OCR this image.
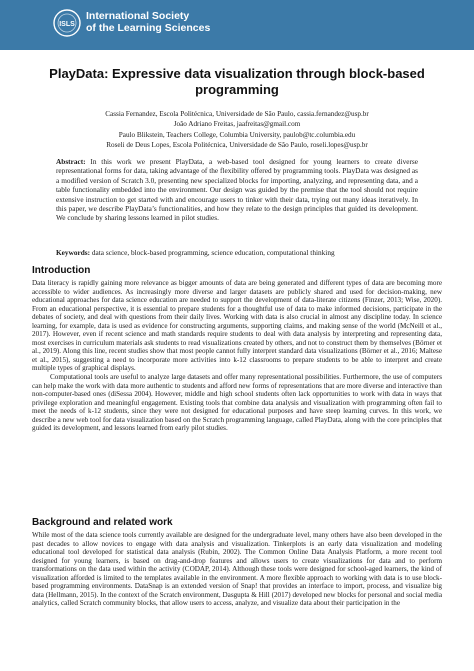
ISLS
International Society
of the Learning Sciences
PlayData: Expressive data visualization through block-based
programming
Cassia Fernandez, Escola Politécnica, Universidade de São Paulo, cassia.fernandez@usp.br
João Adriano Freitas, jaafreitas@gmail.com
Paulo Blikstein, Teachers College, Columbia University, paulob@tc.columbia.edu
Roseli de Deus Lopes, Escola Politécnica, Universidade de São Paulo, roseli.lopes@usp.br
Abstract: In this work we present PlayData, a web-based tool designed for young learners to create diverse representational forms for data, taking advantage of the flexibility offered by programming tools. PlayData was designed as a modified version of Scratch 3.0, presenting new specialized blocks for importing, analyzing, and representing data, and a table functionality embedded into the environment. Our design was guided by the premise that the tool should not require extensive instruction to get started with and encourage users to tinker with their data, trying out many ideas iteratively. In this paper, we describe PlayData’s functionalities, and how they relate to the design principles that guided its development. We conclude by sharing lessons learned in pilot studies.
Keywords: data science, block-based programming, science education, computational thinking
Introduction

Data literacy is rapidly gaining more relevance as bigger amounts of data are being generated and different types of data are becoming more accessible to wider audiences. As increasingly more diverse and larger datasets are publicly shared and used for decision-making, new educational approaches for data science education are needed to support the development of data-literate citizens (Finzer, 2013; Wise, 2020). From an educational perspective, it is essential to prepare students for a thoughtful use of data to make informed decisions, participate in the debates of society, and deal with questions from their daily lives. Working with data is also crucial in almost any discipline today. In science learning, for example, data is used as evidence for constructing arguments, supporting claims, and making sense of the world (McNeill et al., 2017). However, even if recent science and math standards require students to deal with data analysis by interpreting and representing data, most exercises in curriculum materials ask students to read visualizations created by others, and not to construct them by themselves (Börner et al., 2019). Along this line, recent studies show that most people cannot fully interpret standard data visualizations (Börner et al., 2016; Maltese et al., 2015), suggesting a need to incorporate more activities into k-12 classrooms to prepare students to be able to interpret and create multiple types of graphical displays.

Computational tools are useful to analyze large datasets and offer many representational possibilities. Furthermore, the use of computers can help make the work with data more authentic to students and afford new forms of representations that are more diverse and interactive than non-computer-based ones (diSessa 2004). However, middle and high school students often lack opportunities to work with data in ways that privilege exploration and meaningful engagement. Existing tools that combine data analysis and visualization with programming often fail to meet the needs of k-12 students, since they were not designed for educational purposes and have steep learning curves. In this work, we describe a new web tool for data visualization based on the Scratch programming language, called PlayData, along with the core principles that guided its development, and lessons learned from early pilot studies.

Background and related work

While most of the data science tools currently available are designed for the undergraduate level, many others have also been developed in the past decades to allow novices to engage with data analysis and visualization. Tinkerplots is an early data visualization and modeling educational tool developed for statistical data analysis (Rubin, 2002). The Common Online Data Analysis Platform, a more recent tool designed for young learners, is based on drag-and-drop features and allows users to create visualizations for data and to perform transformations on the data used within the activity (CODAP, 2014). Although these tools were designed for school-aged learners, the kind of visualization afforded is limited to the templates available in the environment. A more flexible approach to working with data is to use block-based programming environments. DataSnap is an extended version of Snap! that provides an interface to import, process, and visualize big data (Hellmann, 2015). In the context of the Scratch environment, Dasgupta & Hill (2017) developed new blocks for personal and social media analytics, called Scratch community blocks, that allow users to access, analyze, and visualize data about their participation in the
